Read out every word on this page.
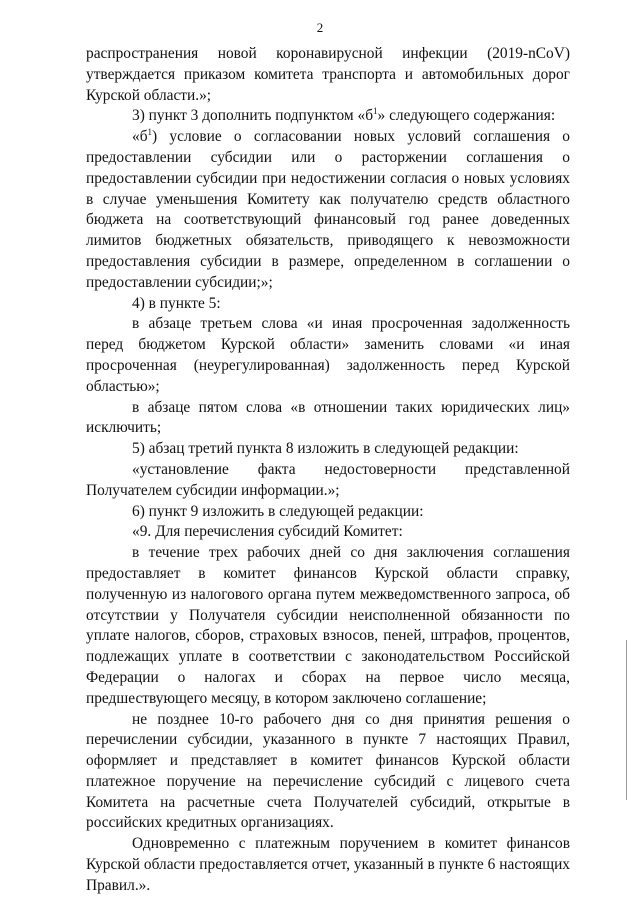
2

распространения новой коронавирусной инфекции (2019-nCoV) утверждается приказом комитета транспорта и автомобильных дорог Курской области.»;

3) пункт 3 дополнить подпунктом «$б^1$» следующего содержания:

«$б^1$) условие о согласовании новых условий соглашения о предоставлении субсидии или о расторжении соглашения о предоставлении субсидии при недостижении согласия о новых условиях в случае уменьшения Комитету как получателю средств областного бюджета на соответствующий финансовый год ранее доведенных лимитов бюджетных обязательств, приводящего к невозможности предоставления субсидии в размере, определенном в соглашении о предоставлении субсидии;»;

4) в пункте 5:

в абзаце третьем слова «и иная просроченная задолженность перед бюджетом Курской области» заменить словами «и иная просроченная (неурегулированная) задолженность перед Курской областью»;

в абзаце пятом слова «в отношении таких юридических лиц» исключить;

5) абзац третий пункта 8 изложить в следующей редакции:

«установление факта недостоверности представленной Получателем субсидии информации.»;

6) пункт 9 изложить в следующей редакции:

«9. Для перечисления субсидий Комитет:

в течение трех рабочих дней со дня заключения соглашения предоставляет в комитет финансов Курской области справку, полученную из налогового органа путем межведомственного запроса, об отсутствии у Получателя субсидии неисполненной обязанности по уплате налогов, сборов, страховых взносов, пеней, штрафов, процентов, подлежащих уплате в соответствии с законодательством Российской Федерации о налогах и сборах на первое число месяца, предшествующего месяцу, в котором заключено соглашение;

не позднее 10-го рабочего дня со дня принятия решения о перечислении субсидии, указанного в пункте 7 настоящих Правил, оформляет и представляет в комитет финансов Курской области платежное поручение на перечисление субсидий с лицевого счета Комитета на расчетные счета Получателей субсидий, открытые в российских кредитных организациях.

Одновременно с платежным поручением в комитет финансов Курской области предоставляется отчет, указанный в пункте 6 настоящих Правил.».
